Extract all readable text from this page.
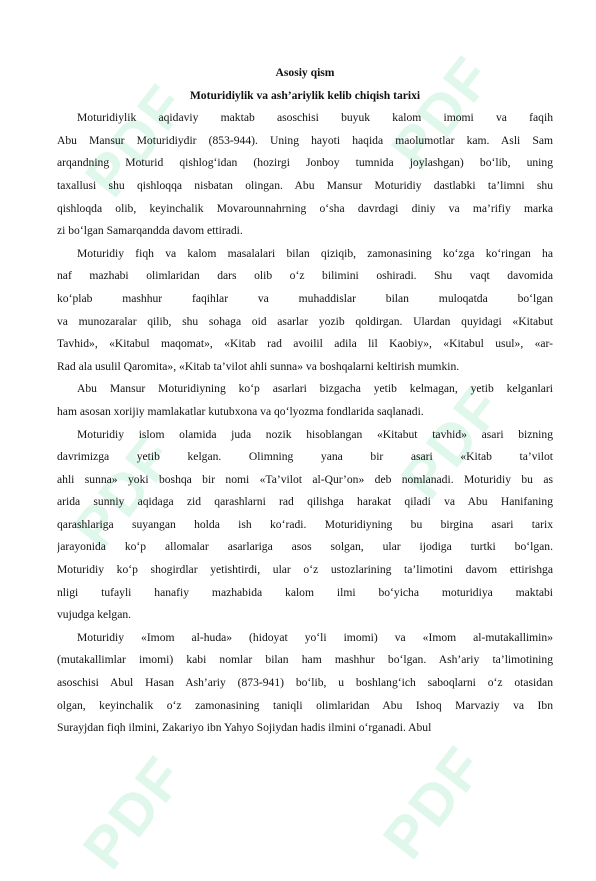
PDF	PDF
PDF	PDF
PDF	PDF

Asosiy qism

Moturidiylik va ash’ariylik kelib chiqish tarixi

Moturidiylik aqidaviy maktab asoschisi buyuk kalom imomi va faqih
Abu Mansur Moturidiydir (853-944). Uning hayoti haqida maolumotlar kam. Asli Sam
arqandning Moturid qishlog‘idan (hozirgi Jonboy tumnida joylashgan) bo‘lib, uning
taxallusi shu qishloqqa nisbatan olingan. Abu Mansur Moturidiy dastlabki ta’limni shu
qishloqda olib, keyinchalik Movarounnahrning o‘sha davrdagi diniy va ma’rifiy marka
zi bo‘lgan Samarqandda davom ettiradi.
Moturidiy fiqh va kalom masalalari bilan qiziqib, zamonasining ko‘zga ko‘ringan ha
naf mazhabi olimlaridan dars olib o‘z bilimini oshiradi. Shu vaqt davomida
ko‘plab mashhur faqihlar va muhaddislar bilan muloqatda bo‘lgan
va munozaralar qilib, shu sohaga oid asarlar yozib qoldirgan. Ulardan quyidagi «Kitabut
Tavhid», «Kitabul maqomat», «Kitab rad avoilil adila lil Kaobiy», «Kitabul usul», «ar-
Rad ala usulil Qaromita», «Kitab ta’vilot ahli sunna» va boshqalarni keltirish mumkin.
Abu Mansur Moturidiyning ko‘p asarlari bizgacha yetib kelmagan, yetib kelganlari
ham asosan xorijiy mamlakatlar kutubxona va qo‘lyozma fondlarida saqlanadi.
Moturidiy islom olamida juda nozik hisoblangan «Kitabut tavhid» asari bizning
davrimizga yetib kelgan. Olimning yana bir asari «Kitab ta’vilot
ahli sunna» yoki boshqa bir nomi «Ta’vilot al-Qur’on» deb nomlanadi. Moturidiy bu as
arida sunniy aqidaga zid qarashlarni rad qilishga harakat qiladi va Abu Hanifaning
qarashlariga suyangan holda ish ko‘radi. Moturidiyning bu birgina asari tarix
jarayonida ko‘p allomalar asarlariga asos solgan, ular ijodiga turtki bo‘lgan.
Moturidiy ko‘p shogirdlar yetishtirdi, ular o‘z ustozlarining ta’limotini davom ettirishga
nligi tufayli hanafiy mazhabida kalom ilmi bo‘yicha moturidiya maktabi
vujudga kelgan.
Moturidiy «Imom al-huda» (hidoyat yo‘li imomi) va «Imom al-mutakallimin»
(mutakallimlar imomi) kabi nomlar bilan ham mashhur bo‘lgan. Ash’ariy ta’limotining
asoschisi Abul Hasan Ash’ariy (873-941) bo‘lib, u boshlang‘ich saboqlarni o‘z otasidan
olgan, keyinchalik o‘z zamonasining taniqli olimlaridan Abu Ishoq Marvaziy va Ibn
Surayjdan fiqh ilmini, Zakariyo ibn Yahyo Sojiydan hadis ilmini o‘rganadi. Abul
